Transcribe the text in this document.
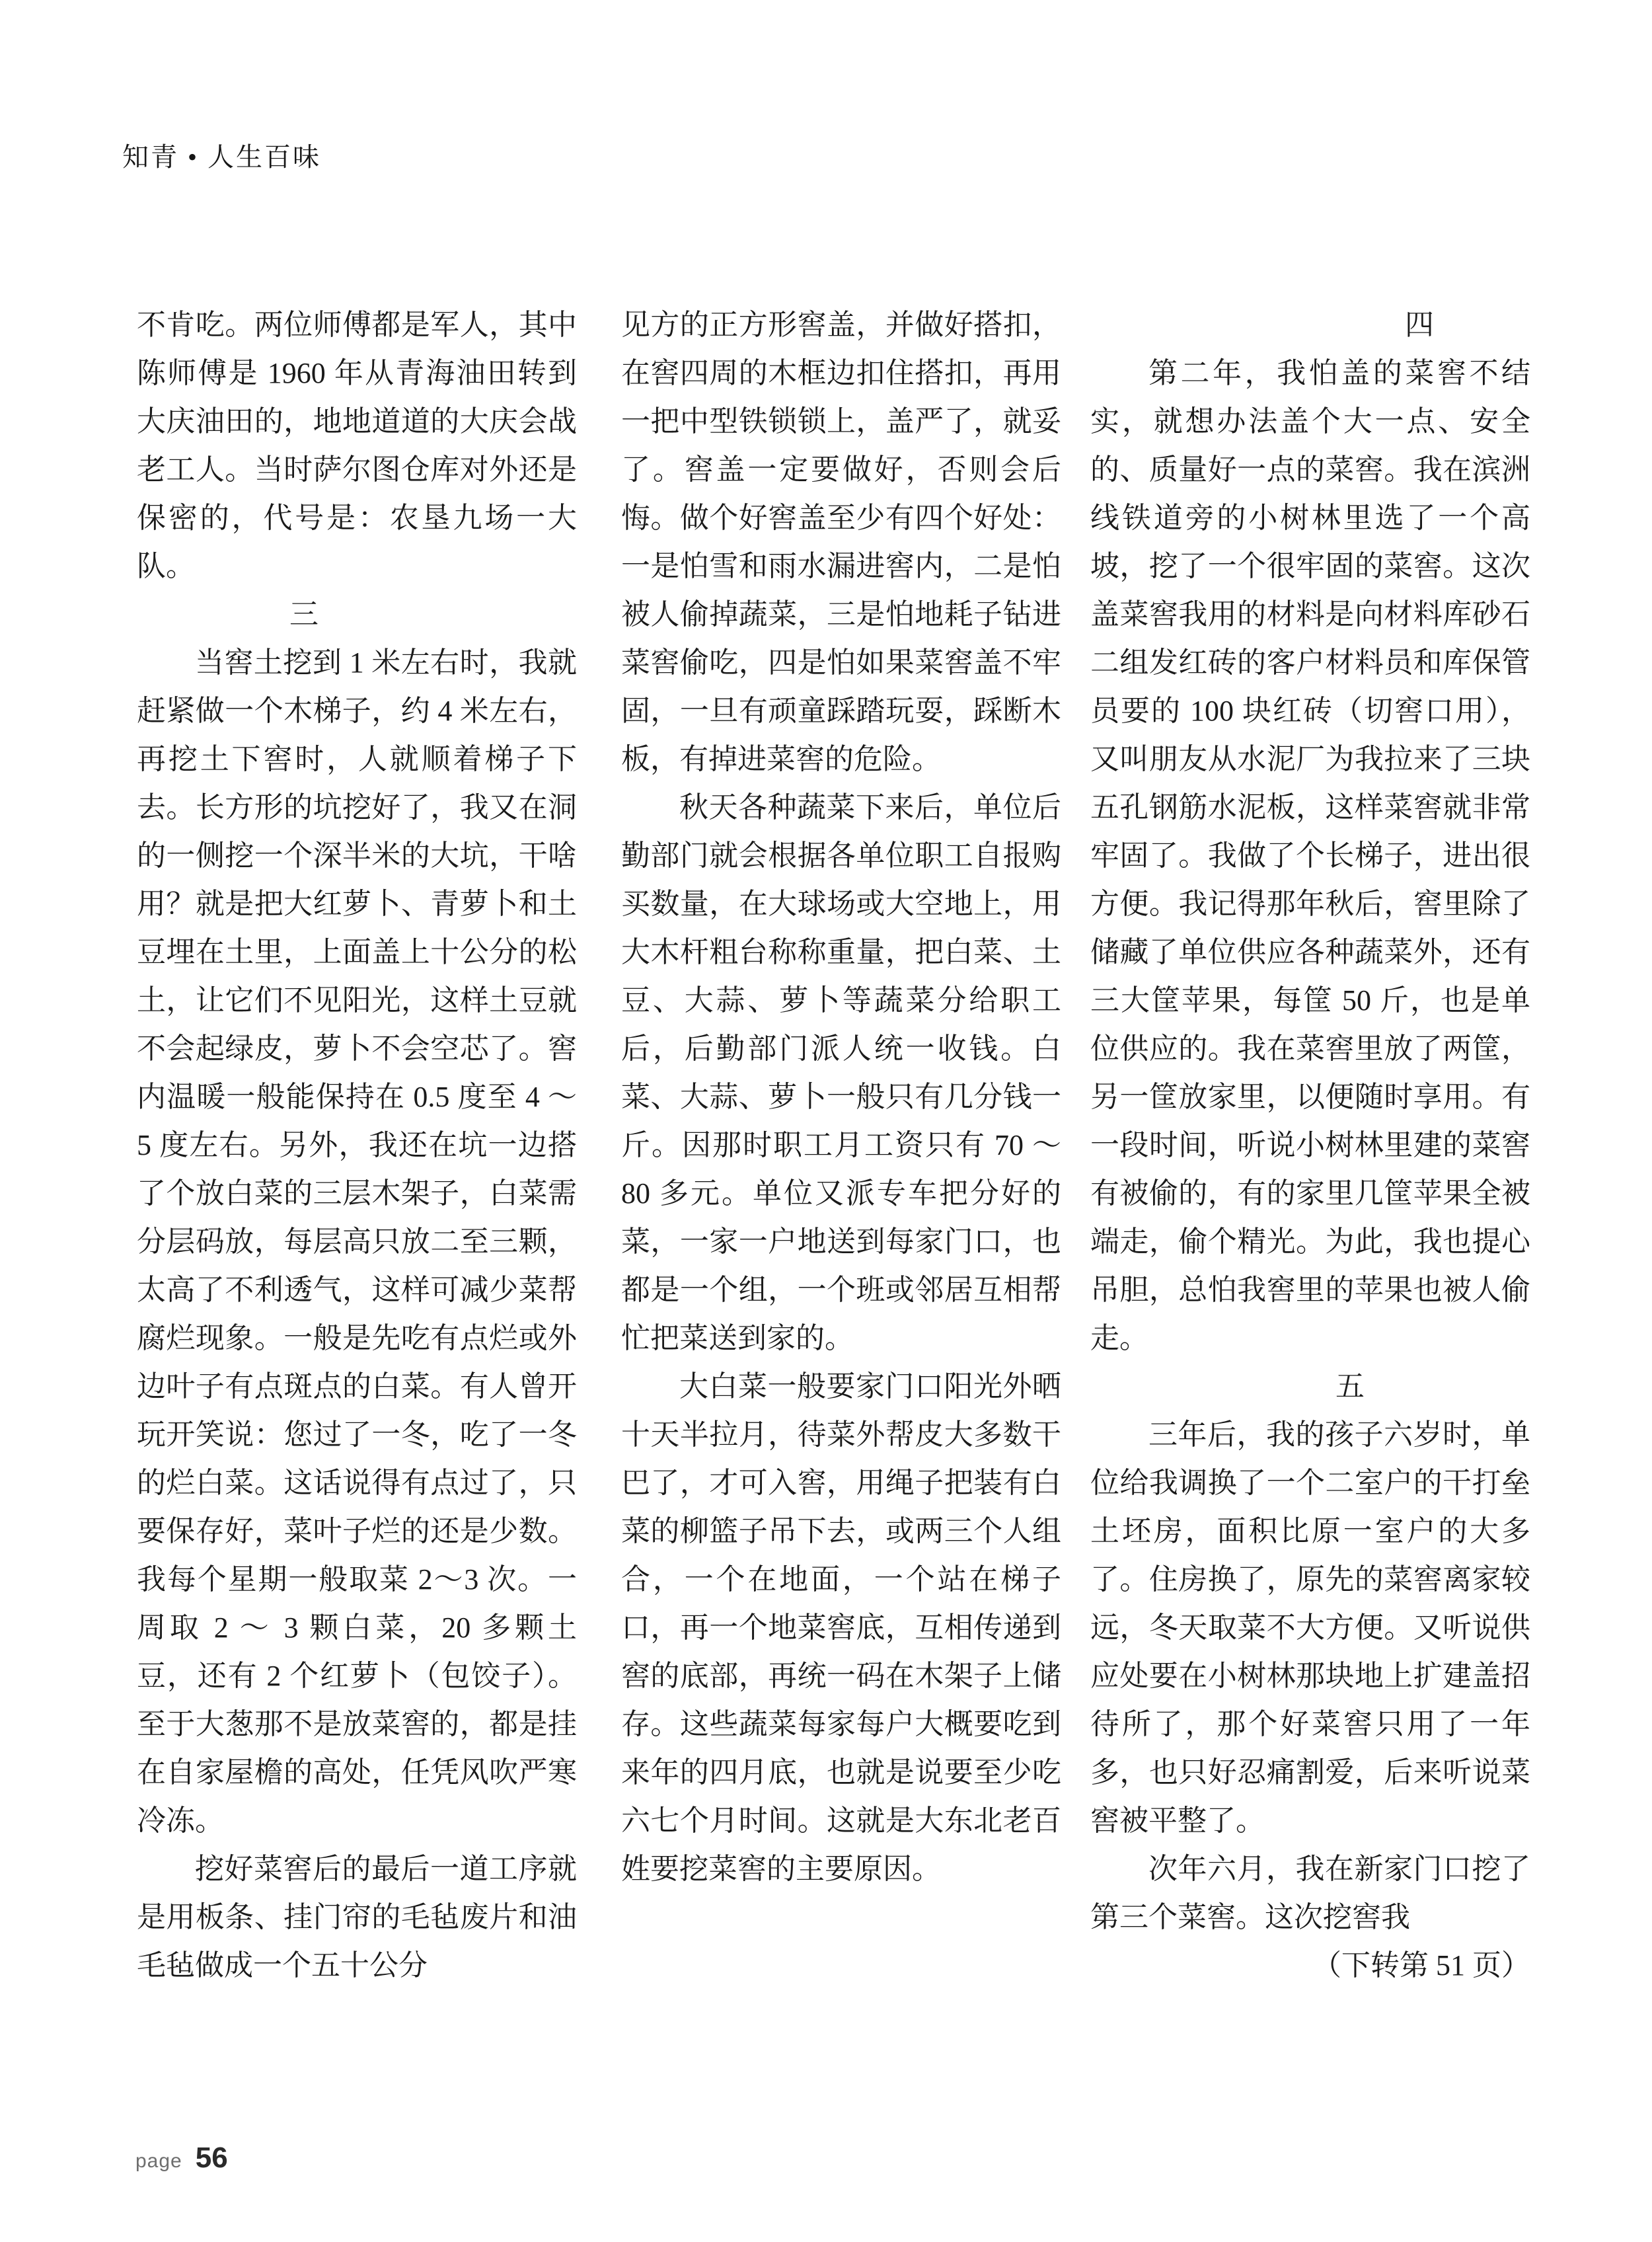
知青 • 人生百味

不肯吃。两位师傅都是军人，其中陈师傅是 1960 年从青海油田转到大庆油田的，地地道道的大庆会战老工人。当时萨尔图仓库对外还是保密的，代号是：农垦九场一大队。

三

当窖土挖到 1 米左右时，我就赶紧做一个木梯子，约 4 米左右，再挖土下窖时，人就顺着梯子下去。长方形的坑挖好了，我又在洞的一侧挖一个深半米的大坑，干啥用？就是把大红萝卜、青萝卜和土豆埋在土里，上面盖上十公分的松土，让它们不见阳光，这样土豆就不会起绿皮，萝卜不会空芯了。窖内温暖一般能保持在 0.5 度至 4 ～ 5 度左右。另外，我还在坑一边搭了个放白菜的三层木架子，白菜需分层码放，每层高只放二至三颗，太高了不利透气，这样可减少菜帮腐烂现象。一般是先吃有点烂或外边叶子有点斑点的白菜。有人曾开玩开笑说：您过了一冬，吃了一冬的烂白菜。这话说得有点过了，只要保存好，菜叶子烂的还是少数。我每个星期一般取菜 2～3 次。一周取 2 ～ 3 颗白菜，20 多颗土豆，还有 2 个红萝卜（包饺子）。至于大葱那不是放菜窖的，都是挂在自家屋檐的高处，任凭风吹严寒冷冻。

挖好菜窖后的最后一道工序就是用板条、挂门帘的毛毡废片和油毛毡做成一个五十公分

见方的正方形窖盖，并做好搭扣，在窖四周的木框边扣住搭扣，再用一把中型铁锁锁上，盖严了，就妥了。窖盖一定要做好，否则会后悔。做个好窖盖至少有四个好处：一是怕雪和雨水漏进窖内，二是怕被人偷掉蔬菜，三是怕地耗子钻进菜窖偷吃，四是怕如果菜窖盖不牢固，一旦有顽童踩踏玩耍，踩断木板，有掉进菜窖的危险。

秋天各种蔬菜下来后，单位后勤部门就会根据各单位职工自报购买数量，在大球场或大空地上，用大木杆粗台称称重量，把白菜、土豆、大蒜、萝卜等蔬菜分给职工后，后勤部门派人统一收钱。白菜、大蒜、萝卜一般只有几分钱一斤。因那时职工月工资只有 70 ～ 80 多元。单位又派专车把分好的菜，一家一户地送到每家门口，也都是一个组，一个班或邻居互相帮忙把菜送到家的。

大白菜一般要家门口阳光外晒十天半拉月，待菜外帮皮大多数干巴了，才可入窖，用绳子把装有白菜的柳篮子吊下去，或两三个人组合，一个在地面，一个站在梯子口，再一个地菜窖底，互相传递到窖的底部，再统一码在木架子上储存。这些蔬菜每家每户大概要吃到来年的四月底，也就是说要至少吃六七个月时间。这就是大东北老百姓要挖菜窖的主要原因。

四

第二年，我怕盖的菜窖不结实，就想办法盖个大一点、安全的、质量好一点的菜窖。我在滨洲线铁道旁的小树林里选了一个高坡，挖了一个很牢固的菜窖。这次盖菜窖我用的材料是向材料库砂石二组发红砖的客户材料员和库保管员要的 100 块红砖（切窖口用），又叫朋友从水泥厂为我拉来了三块五孔钢筋水泥板，这样菜窖就非常牢固了。我做了个长梯子，进出很方便。我记得那年秋后，窖里除了储藏了单位供应各种蔬菜外，还有三大筐苹果，每筐 50 斤，也是单位供应的。我在菜窖里放了两筐，另一筐放家里，以便随时享用。有一段时间，听说小树林里建的菜窖有被偷的，有的家里几筐苹果全被端走，偷个精光。为此，我也提心吊胆，总怕我窖里的苹果也被人偷走。

五

三年后，我的孩子六岁时，单位给我调换了一个二室户的干打垒土坯房，面积比原一室户的大多了。住房换了，原先的菜窖离家较远，冬天取菜不大方便。又听说供应处要在小树林那块地上扩建盖招待所了，那个好菜窖只用了一年多，也只好忍痛割爱，后来听说菜窖被平整了。

次年六月，我在新家门口挖了第三个菜窖。这次挖窖我

（下转第 51 页）

page 56
